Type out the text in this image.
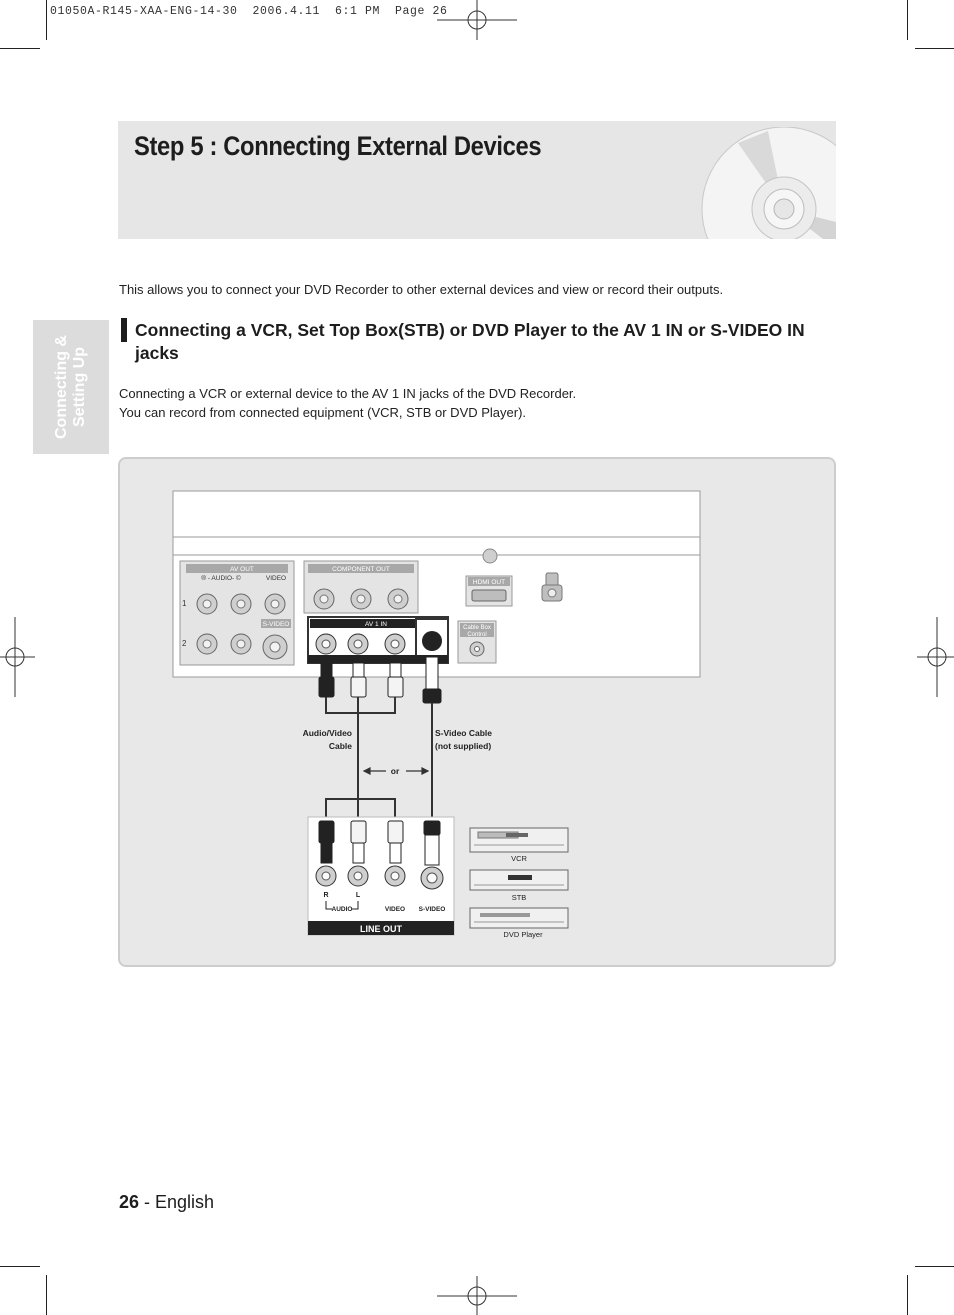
01050A-R145-XAA-ENG-14-30  2006.4.11  6:1 PM  Page 26
Step 5 : Connecting External Devices
This allows you to connect your DVD Recorder to other external devices and view or record their outputs.
Connecting & Setting Up
Connecting a VCR, Set Top Box(STB) or DVD Player to the AV 1 IN or S-VIDEO IN jacks
Connecting a VCR or external device to the AV 1 IN jacks of the DVD Recorder.
You can record from connected equipment (VCR, STB or DVD Player).
AV OUT
® - AUDIO- ©	VIDEO
1
2
S-VIDEO
COMPONENT OUT
HDMI OUT
AV 1 IN	Cable Box
Control
Audio/Video
Cable
S-Video Cable
(not supplied)
or
R	L
AUDIO	VIDEO S-VIDEO
LINE OUT
VCR
STB
DVD Player
26 - English
